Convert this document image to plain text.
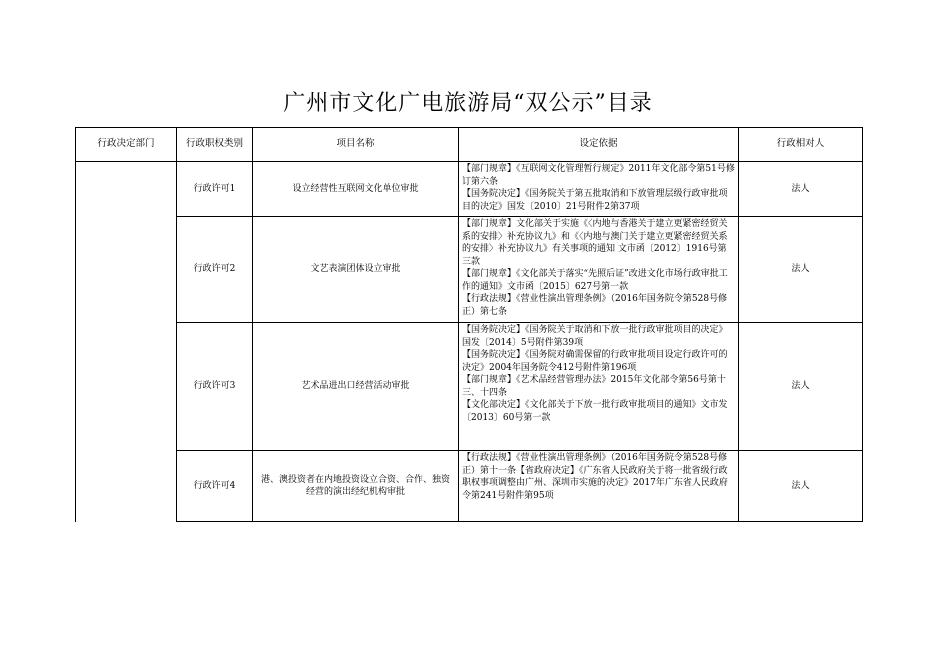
广州市文化广电旅游局“双公示”目录
行政决定部门	行政职权类别	项目名称	设定依据	行政相对人
	行政许可1	设立经营性互联网文化单位审批	【部门规章】《互联网文化管理暂行规定》2011年文化部令第51号修订第六条
【国务院决定】《国务院关于第五批取消和下放管理层级行政审批项目的决定》国发〔2010〕21号附件2第37项	法人
	行政许可2	文艺表演团体设立审批	【部门规章】文化部关于实施《〈内地与香港关于建立更紧密经贸关系的安排〉补充协议九》和《〈内地与澳门关于建立更紧密经贸关系的安排〉补充协议九》有关事项的通知 文市函〔2012〕1916号第三款
【部门规章】《文化部关于落实“先照后证”改进文化市场行政审批工作的通知》文市函〔2015〕627号第一款
【行政法规】《营业性演出管理条例》（2016年国务院令第528号修正）第七条	法人
	行政许可3	艺术品进出口经营活动审批	【国务院决定】《国务院关于取消和下放一批行政审批项目的决定》国发〔2014〕5号附件第39项
【国务院决定】《国务院对确需保留的行政审批项目设定行政许可的决定》2004年国务院令412号附件第196项
【部门规章】《艺术品经营管理办法》2015年文化部令第56号第十三、十四条
【文化部决定】《文化部关于下放一批行政审批项目的通知》文市发〔2013〕60号第一款	法人
	行政许可4	港、澳投资者在内地投资设立合资、合作、独资经营的演出经纪机构审批	【行政法规】《营业性演出管理条例》（2016年国务院令第528号修正）第十一条【省政府决定】《广东省人民政府关于将一批省级行政职权事项调整由广州、深圳市实施的决定》2017年广东省人民政府令第241号附件第95项	法人
